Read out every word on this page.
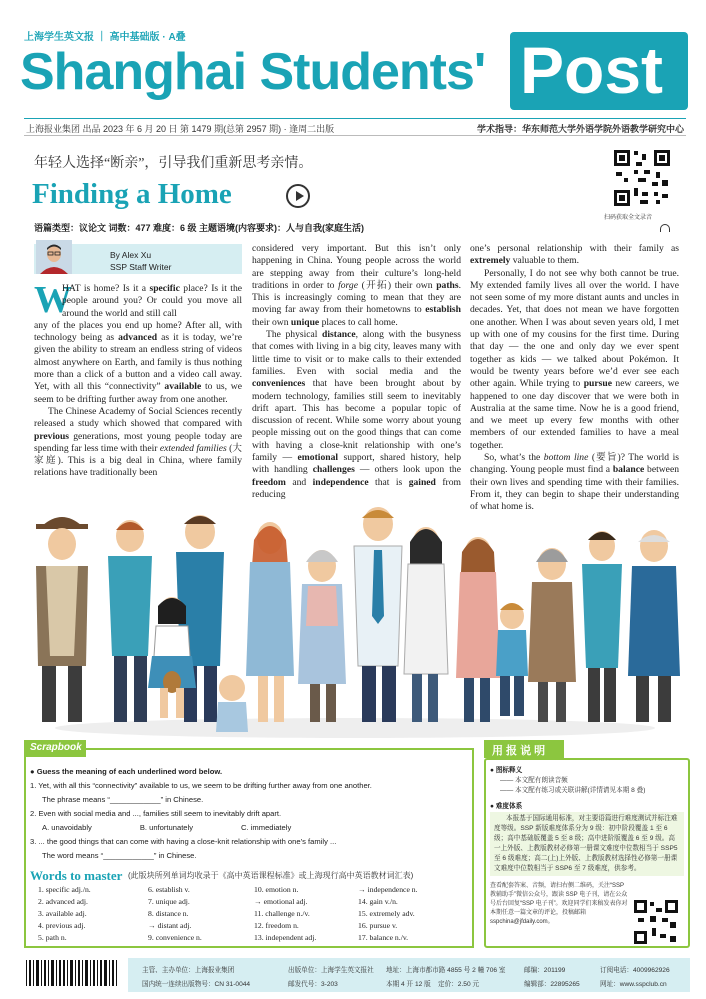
上海学生英文报 ｜ 高中基础版 · A叠
Shanghai Students' Post
上海报业集团 出品 2023 年 6 月 20 日 第 1479 期(总第 2957 期) · 逢周二出版	学术指导：华东师范大学外语学院外语教学研究中心
年轻人选择“断亲”，引导我们重新思考亲情。
Finding a Home
语篇类型：议论文 词数：477 难度：6 级 主题语境(内容要求)：人与自我(家庭生活)
扫码获取全文录音
By Alex Xu
SSP Staff Writer
W

HAT is home? Is it a specific place? Is it the people around you? Or could you move all around the world and still call

any of the places you end up home? After all, with technology being as advanced as it is today, we’re given the ability to stream an endless string of videos almost anywhere on Earth, and family is thus nothing more than a click of a button and a video call away. Yet, with all this “connectivity” available to us, we seem to be drifting further away from one another.

The Chinese Academy of Social Sciences recently released a study which showed that compared with previous generations, most young people today are spending far less time with their extended families (大家庭). This is a big deal in China, where family relations have traditionally been

considered very important. But this isn’t only happening in China. Young people across the world are stepping away from their culture’s long-held traditions in order to forge (开拓) their own paths. This is increasingly coming to mean that they are moving far away from their hometowns to establish their own unique places to call home.

The physical distance, along with the busyness that comes with living in a big city, leaves many with little time to visit or to make calls to their extended families. Even with social media and the conveniences that have been brought about by modern technology, families still seem to inevitably drift apart. This has become a popular topic of discussion of recent. While some worry about young people missing out on the good things that can come with having a close-knit relationship with one’s family — emotional support, shared history, help with handling challenges — others look upon the freedom and independence that is gained from reducing

one’s personal relationship with their family as extremely valuable to them.

Personally, I do not see why both cannot be true. My extended family lives all over the world. I have not seen some of my more distant aunts and uncles in decades. Yet, that does not mean we have forgotten one another. When I was about seven years old, I met up with one of my cousins for the first time. During that day — the one and only day we ever spent together as kids — we talked about Pokémon. It would be twenty years before we’d ever see each other again. While trying to pursue new careers, we happened to one day discover that we were both in Australia at the same time. Now he is a good friend, and we meet up every few months with other members of our extended families to have a meal together.

So, what’s the bottom line (要旨)? The world is changing. Young people must find a balance between their own lives and spending time with their families. From it, they can begin to shape their understanding of what home is.

Scrapbook
● Guess the meaning of each underlined word below.
1. Yet, with all this “connectivity” available to us, we seem to be drifting further away from one another.
The phrase means “____________” in Chinese.
2. Even with social media and ..., families still seem to inevitably drift apart.
A. unavoidably	B. unfortunately	C. immediately
3. ... the good things that can come with having a close-knit relationship with one’s family ...
The word means “____________” in Chinese.
Words to master (此版块所列单词均收录于《高中英语课程标准》或上海现行高中英语教材词汇表)
1. specific adj./n.
2. advanced adj.
3. available adj.
4. previous adj.
5. path n.
6. establish v.
7. unique adj.
8. distance n.
→ distant adj.
9. convenience n.
10. emotion n.
→ emotional adj.
11. challenge n./v.
12. freedom n.
13. independent adj.
→ independence n.
14. gain v./n.
15. extremely adv.
16. pursue v.
17. balance n./v.
用 报 说 明
● 图标释义
—— 本文配有朗读音频
—— 本文配有练习或关联讲解(详情请见本期 8 叠)
● 难度体系
本报基于国际通用标准，对主要语篇进行难度测试并标注难度等级。SSP 新版难度体系分为 9 级：初中阶段覆盖 1 至 6 级；高中基础版覆盖 5 至 8 级；高中进阶版覆盖 6 至 9 级。高一上外版、上教版教材必修第一册课文难度中位数相当于 SSP5 至 6 级难度；高二(上)上外版、上教版教材选择性必修第一册课文难度中位数相当于 SSP6 至 7 级难度，供参考。
查看配套答案、音频，请扫右侧二维码，关注“SSP 教辅助手”微信公众号，跟读 SSP 电子刊，请在公众号后台回复“SSP 电子刊”。欢迎同学们来稿发表你对本期任意一篇文章的评论，投稿邮箱 sspchina@jfdaily.com。
主管、主办单位：上海报业集团
国内统一连续出版物号：CN 31-0044
出版单位：上海学生英文报社
邮发代号：3-203
地址：上海市都市路 4855 号 2 幢 706 室
本期 4 开 12 版 定价：2.50 元
邮编：201199
编辑部：22895265
订阅电话：4009962926
网址：www.sspclub.cn
